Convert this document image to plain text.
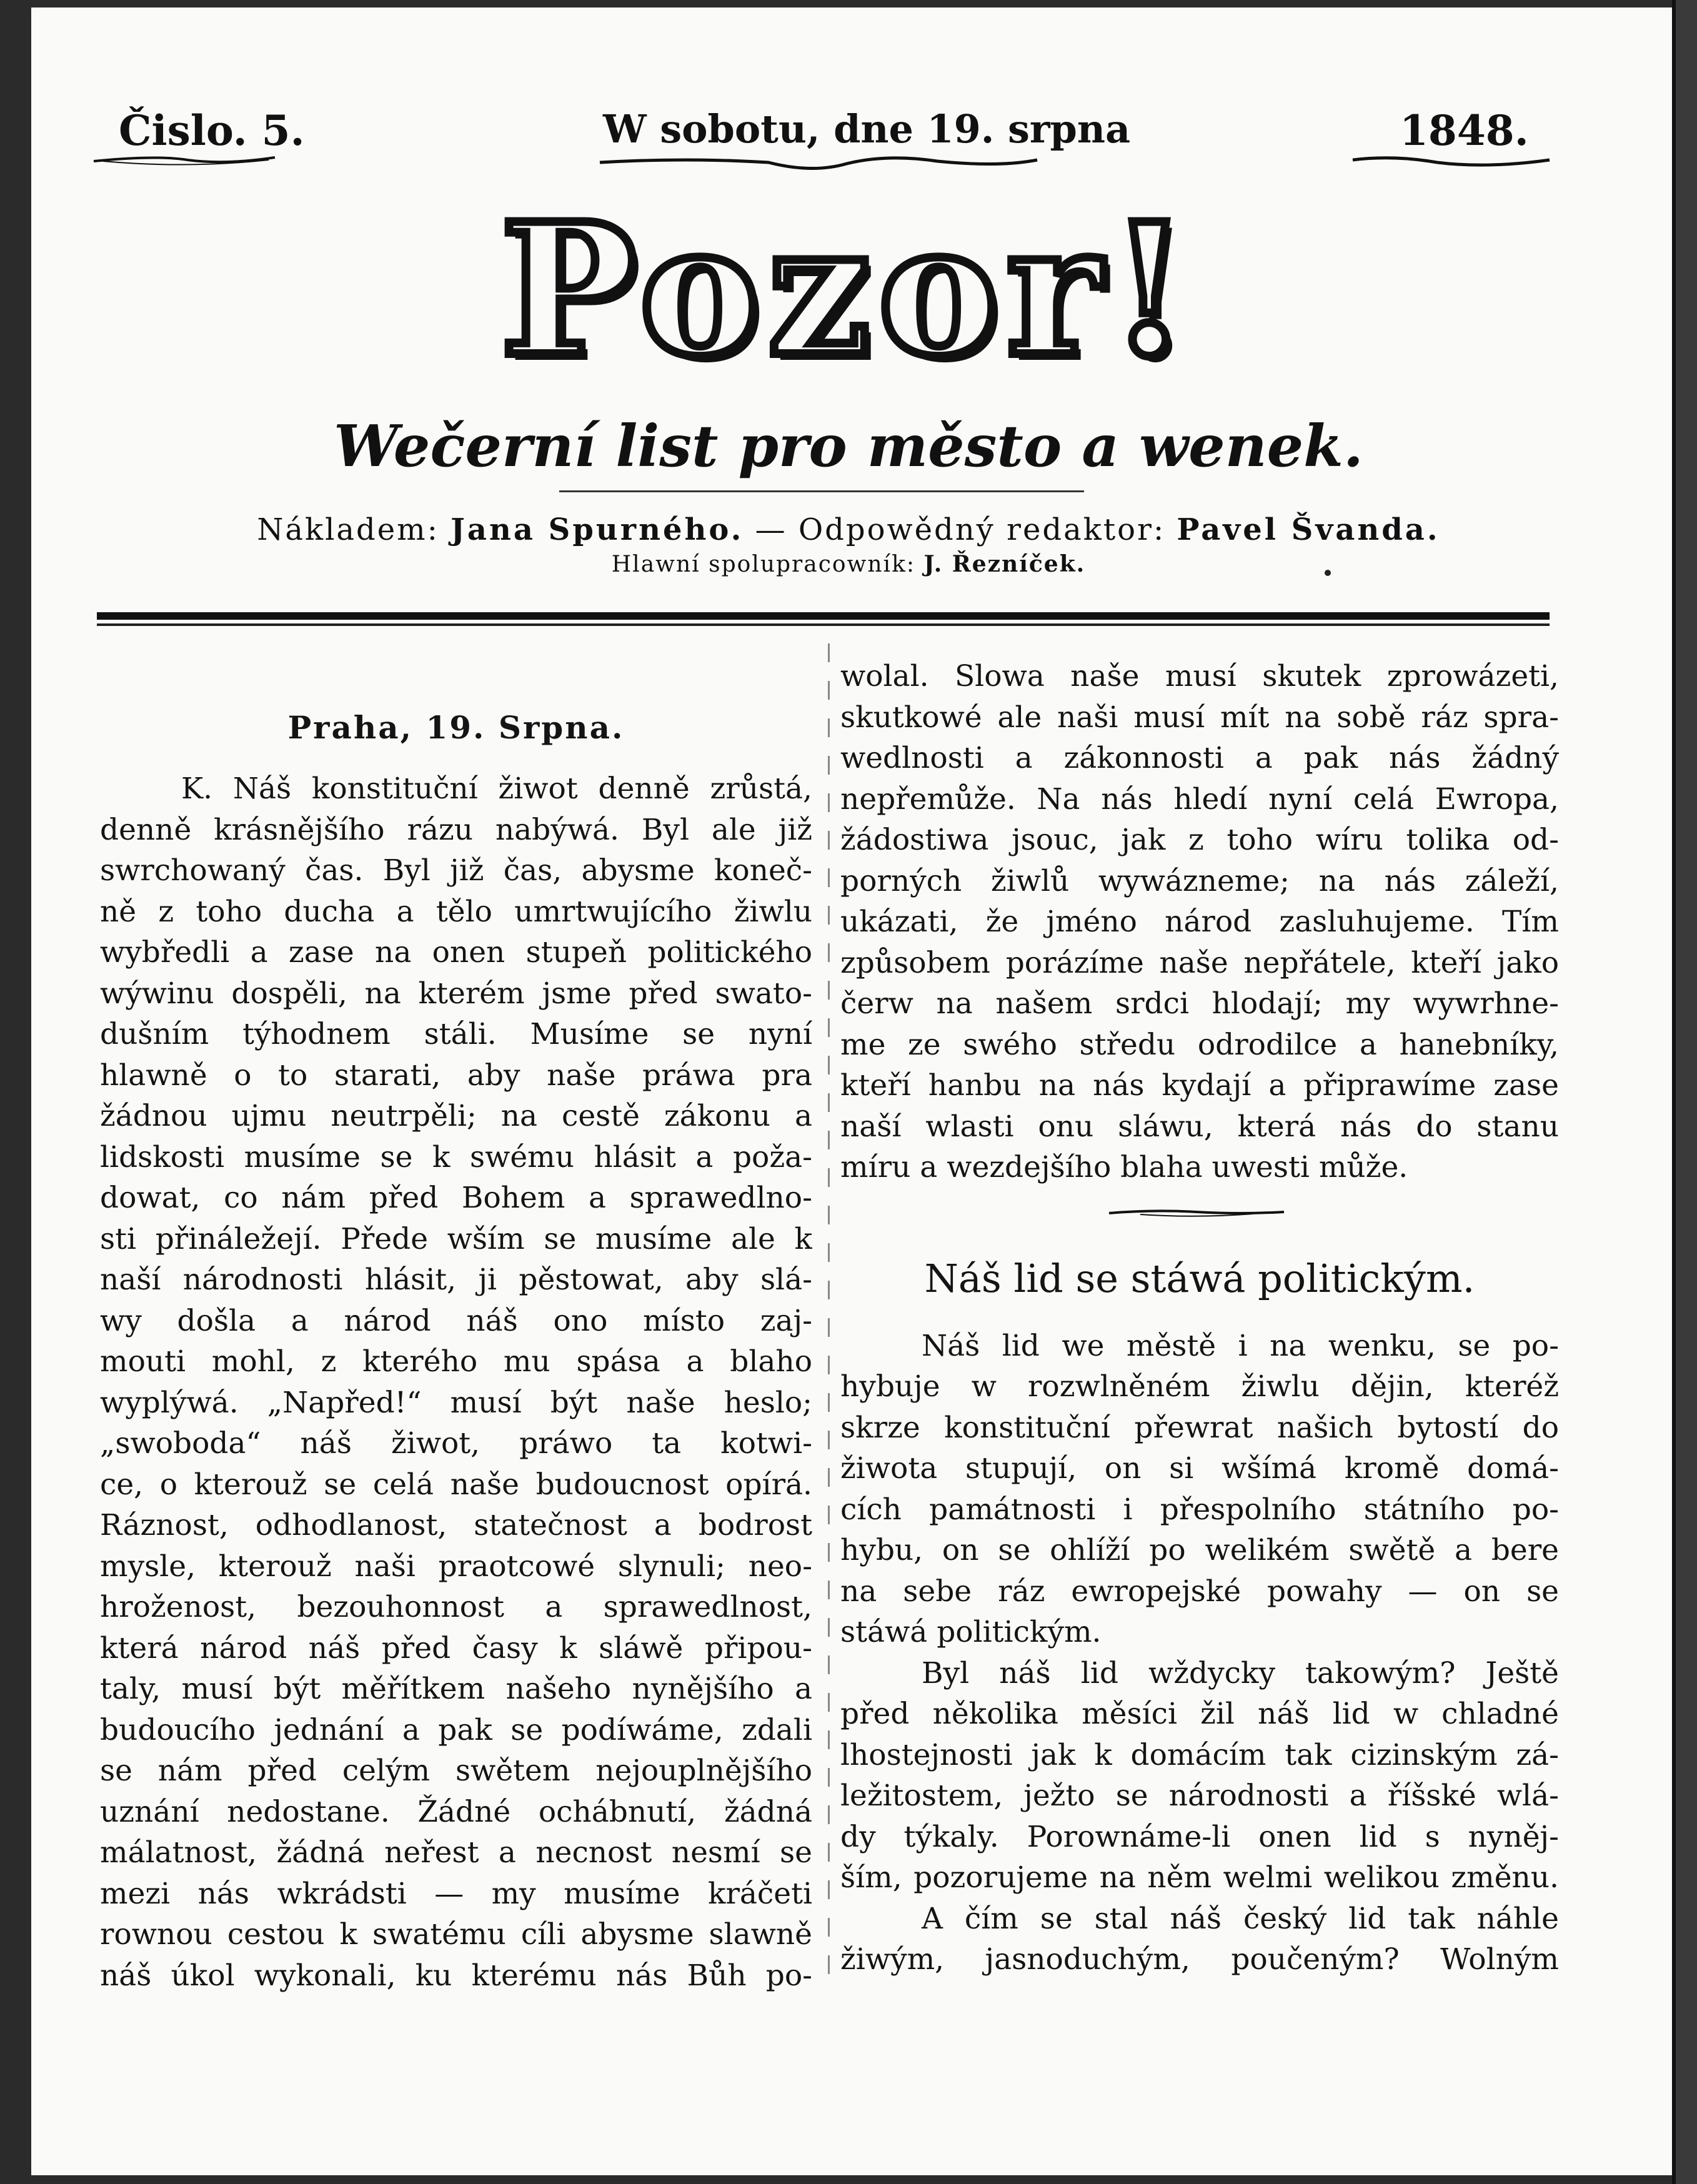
Čislo. 5.	W sobotu, dne 19. srpna	1848.
Pozor!
Wečerní list pro město a wenek.
Nákladem: Jana Spurného. — Odpowědný redaktor: Pavel Švanda.
Hlawní spolupracowník: J. Řezníček.
Praha, 19. Srpna.
K. Náš konstituční žiwot denně zrůstá,
denně krásnějšího rázu nabýwá. Byl ale již
swrchowaný čas. Byl již čas, abysme koneč-
ně z toho ducha a tělo umrtwujícího žiwlu
wybředli a zase na onen stupeň politického
wýwinu dospěli, na kterém jsme před swato-
dušním týhodnem stáli. Musíme se nyní
hlawně o to starati, aby naše práwa pra
žádnou ujmu neutrpěli; na cestě zákonu a
lidskosti musíme se k swému hlásit a poža-
dowat, co nám před Bohem a sprawedlno-
sti přináležejí. Přede wším se musíme ale k
naší národnosti hlásit, ji pěstowat, aby slá-
wy došla a národ náš ono místo zaj-
mouti mohl, z kterého mu spása a blaho
wyplýwá. „Napřed!“ musí být naše heslo;
„swoboda“ náš žiwot, práwo ta kotwi-
ce, o kterouž se celá naše budoucnost opírá.
Ráznost, odhodlanost, statečnost a bodrost
mysle, kterouž naši praotcowé slynuli; neo-
hroženost, bezouhonnost a sprawedlnost,
která národ náš před časy k sláwě připou-
taly, musí být měřítkem našeho nynějšího a
budoucího jednání a pak se podíwáme, zdali
se nám před celým swětem nejouplnějšího
uznání nedostane. Žádné ochábnutí, žádná
málatnost, žádná neřest a necnost nesmí se
mezi nás wkrádsti — my musíme kráčeti
rownou cestou k swatému cíli abysme slawně
náš úkol wykonali, ku kterému nás Bůh po-
wolal. Slowa naše musí skutek zprowázeti,
skutkowé ale naši musí mít na sobě ráz spra-
wedlnosti a zákonnosti a pak nás žádný
nepřemůže. Na nás hledí nyní celá Ewropa,
žádostiwa jsouc, jak z toho wíru tolika od-
porných žiwlů wywázneme; na nás záleží,
ukázati, že jméno národ zasluhujeme. Tím
způsobem porázíme naše nepřátele, kteří jako
čerw na našem srdci hlodají; my wywrhne-
me ze swého středu odrodilce a hanebníky,
kteří hanbu na nás kydají a připrawíme zase
naší wlasti onu sláwu, která nás do stanu
míru a wezdejšího blaha uwesti může.
Náš lid se stáwá politickým.
Náš lid we městě i na wenku, se po-
hybuje w rozwlněném žiwlu dějin, kteréž
skrze konstituční přewrat našich bytostí do
žiwota stupují, on si wšímá kromě domá-
cích památnosti i přespolního státního po-
hybu, on se ohlíží po welikém swětě a bere
na sebe ráz ewropejské powahy — on se
stáwá politickým.
Byl náš lid wždycky takowým? Ještě
před několika měsíci žil náš lid w chladné
lhostejnosti jak k domácím tak cizinským zá-
ležitostem, ježto se národnosti a říšské wlá-
dy týkaly. Porownáme-li onen lid s nyněj-
ším, pozorujeme na něm welmi welikou změnu.
A čím se stal náš český lid tak náhle
žiwým, jasnoduchým, poučeným? Wolným
